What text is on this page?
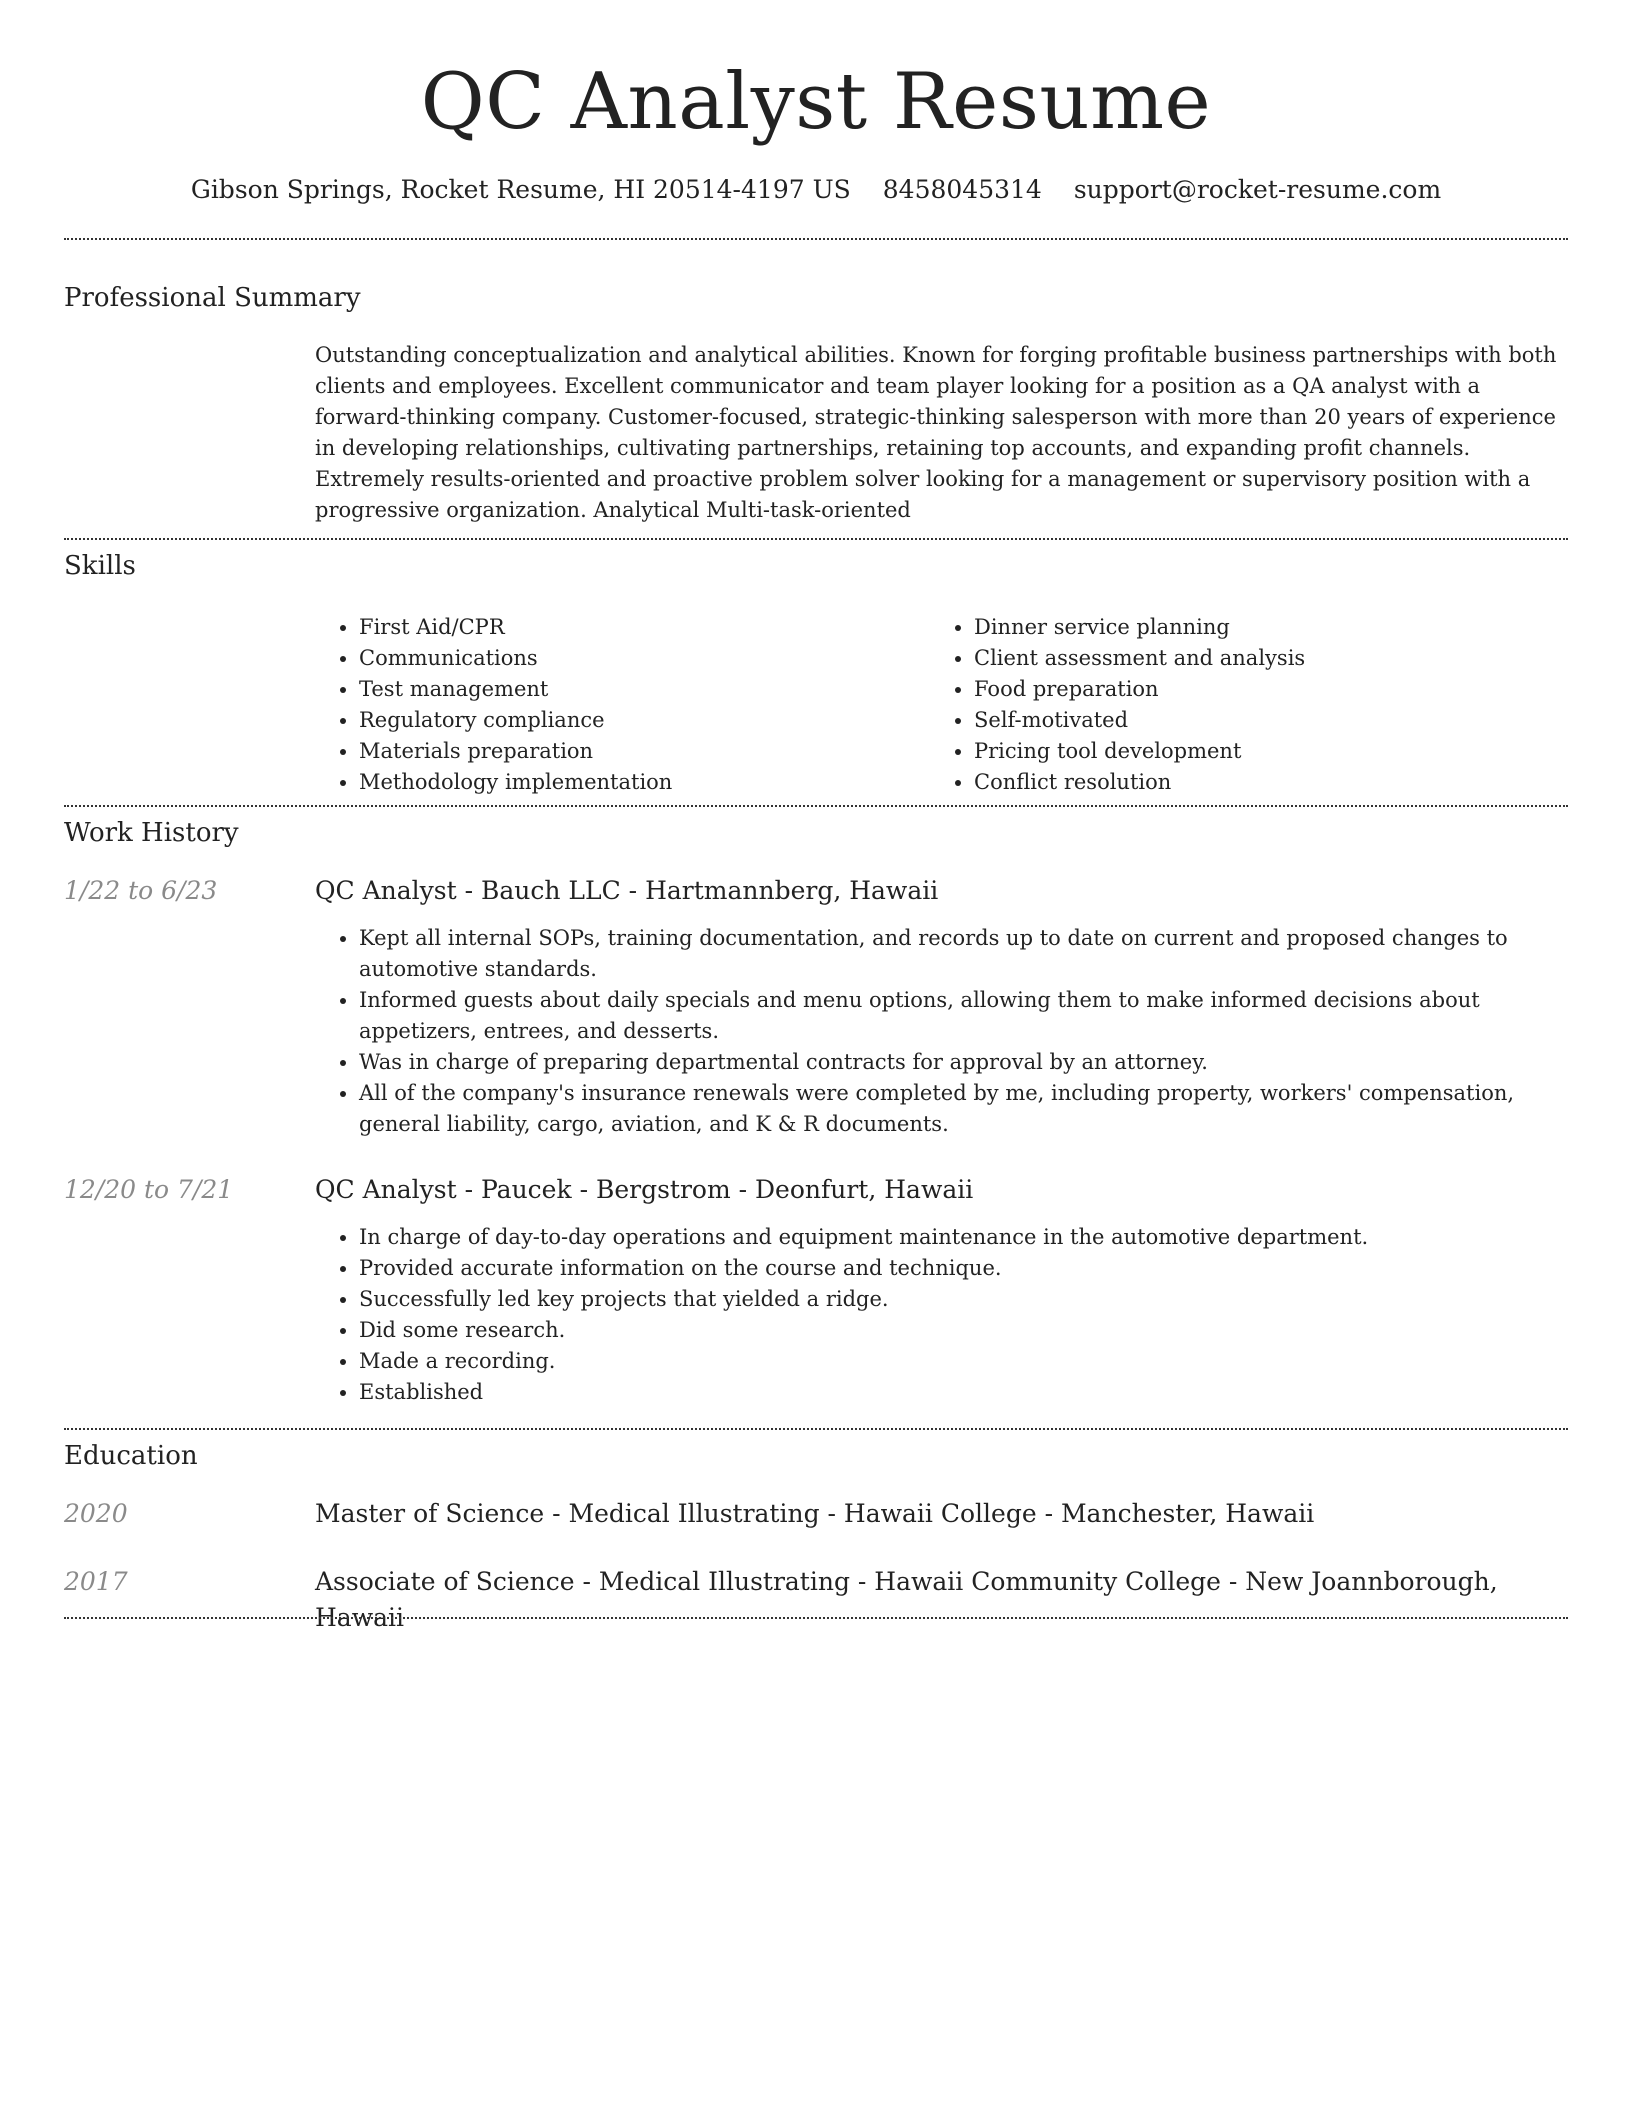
QC Analyst Resume
Gibson Springs, Rocket Resume, HI 20514-4197 US 8458045314 support@rocket-resume.com
Professional Summary
Outstanding conceptualization and analytical abilities. Known for forging profitable business partnerships with both clients and employees. Excellent communicator and team player looking for a position as a QA analyst with a forward-thinking company. Customer-focused, strategic-thinking salesperson with more than 20 years of experience in developing relationships, cultivating partnerships, retaining top accounts, and expanding profit channels. Extremely results-oriented and proactive problem solver looking for a management or supervisory position with a progressive organization. Analytical Multi-task-oriented
Skills
• First Aid/CPR
• Communications
• Test management
• Regulatory compliance
• Materials preparation
• Methodology implementation
• Dinner service planning
• Client assessment and analysis
• Food preparation
• Self-motivated
• Pricing tool development
• Conflict resolution
Work History
1/22 to 6/23	QC Analyst - Bauch LLC - Hartmannberg, Hawaii
• Kept all internal SOPs, training documentation, and records up to date on current and proposed changes to automotive standards.
• Informed guests about daily specials and menu options, allowing them to make informed decisions about appetizers, entrees, and desserts.
• Was in charge of preparing departmental contracts for approval by an attorney.
• All of the company's insurance renewals were completed by me, including property, workers' compensation, general liability, cargo, aviation, and K & R documents.
12/20 to 7/21	QC Analyst - Paucek - Bergstrom - Deonfurt, Hawaii
• In charge of day-to-day operations and equipment maintenance in the automotive department.
• Provided accurate information on the course and technique.
• Successfully led key projects that yielded a ridge.
• Did some research.
• Made a recording.
• Established
Education
2020	Master of Science - Medical Illustrating - Hawaii College - Manchester, Hawaii
2017	Associate of Science - Medical Illustrating - Hawaii Community College - New Joannborough, Hawaii
